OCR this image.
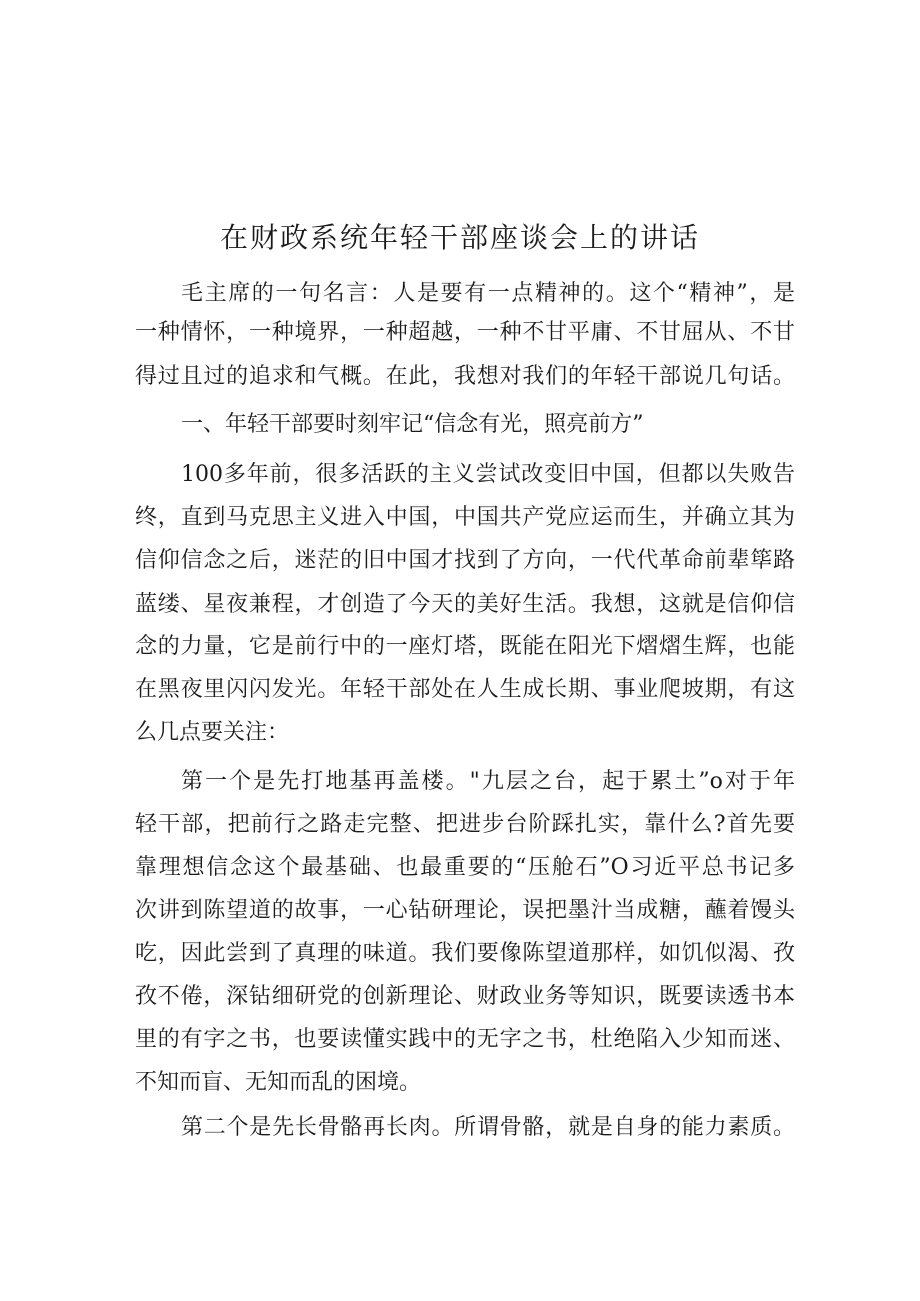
在财政系统年轻干部座谈会上的讲话

毛主席的一句名言：人是要有一点精神的。这个“精神”，是

一种情怀，一种境界，一种超越，一种不甘平庸、不甘屈从、不甘

得过且过的追求和气概。在此，我想对我们的年轻干部说几句话。

一、年轻干部要时刻牢记“信念有光，照亮前方”

100多年前，很多活跃的主义尝试改变旧中国，但都以失败告

终，直到马克思主义进入中国，中国共产党应运而生，并确立其为

信仰信念之后，迷茫的旧中国才找到了方向，一代代革命前辈筚路

蓝缕、星夜兼程，才创造了今天的美好生活。我想，这就是信仰信

念的力量，它是前行中的一座灯塔，既能在阳光下熠熠生辉，也能

在黑夜里闪闪发光。年轻干部处在人生成长期、事业爬坡期，有这

么几点要关注：

第一个是先打地基再盖楼。"九层之台，起于累土”o对于年

轻干部，把前行之路走完整、把进步台阶踩扎实，靠什么?首先要

靠理想信念这个最基础、也最重要的“压舱石”O习近平总书记多

次讲到陈望道的故事，一心钻研理论，误把墨汁当成糖，蘸着馒头

吃，因此尝到了真理的味道。我们要像陈望道那样，如饥似渴、孜

孜不倦，深钻细研党的创新理论、财政业务等知识，既要读透书本

里的有字之书，也要读懂实践中的无字之书，杜绝陷入少知而迷、

不知而盲、无知而乱的困境。

第二个是先长骨骼再长肉。所谓骨骼，就是自身的能力素质。
